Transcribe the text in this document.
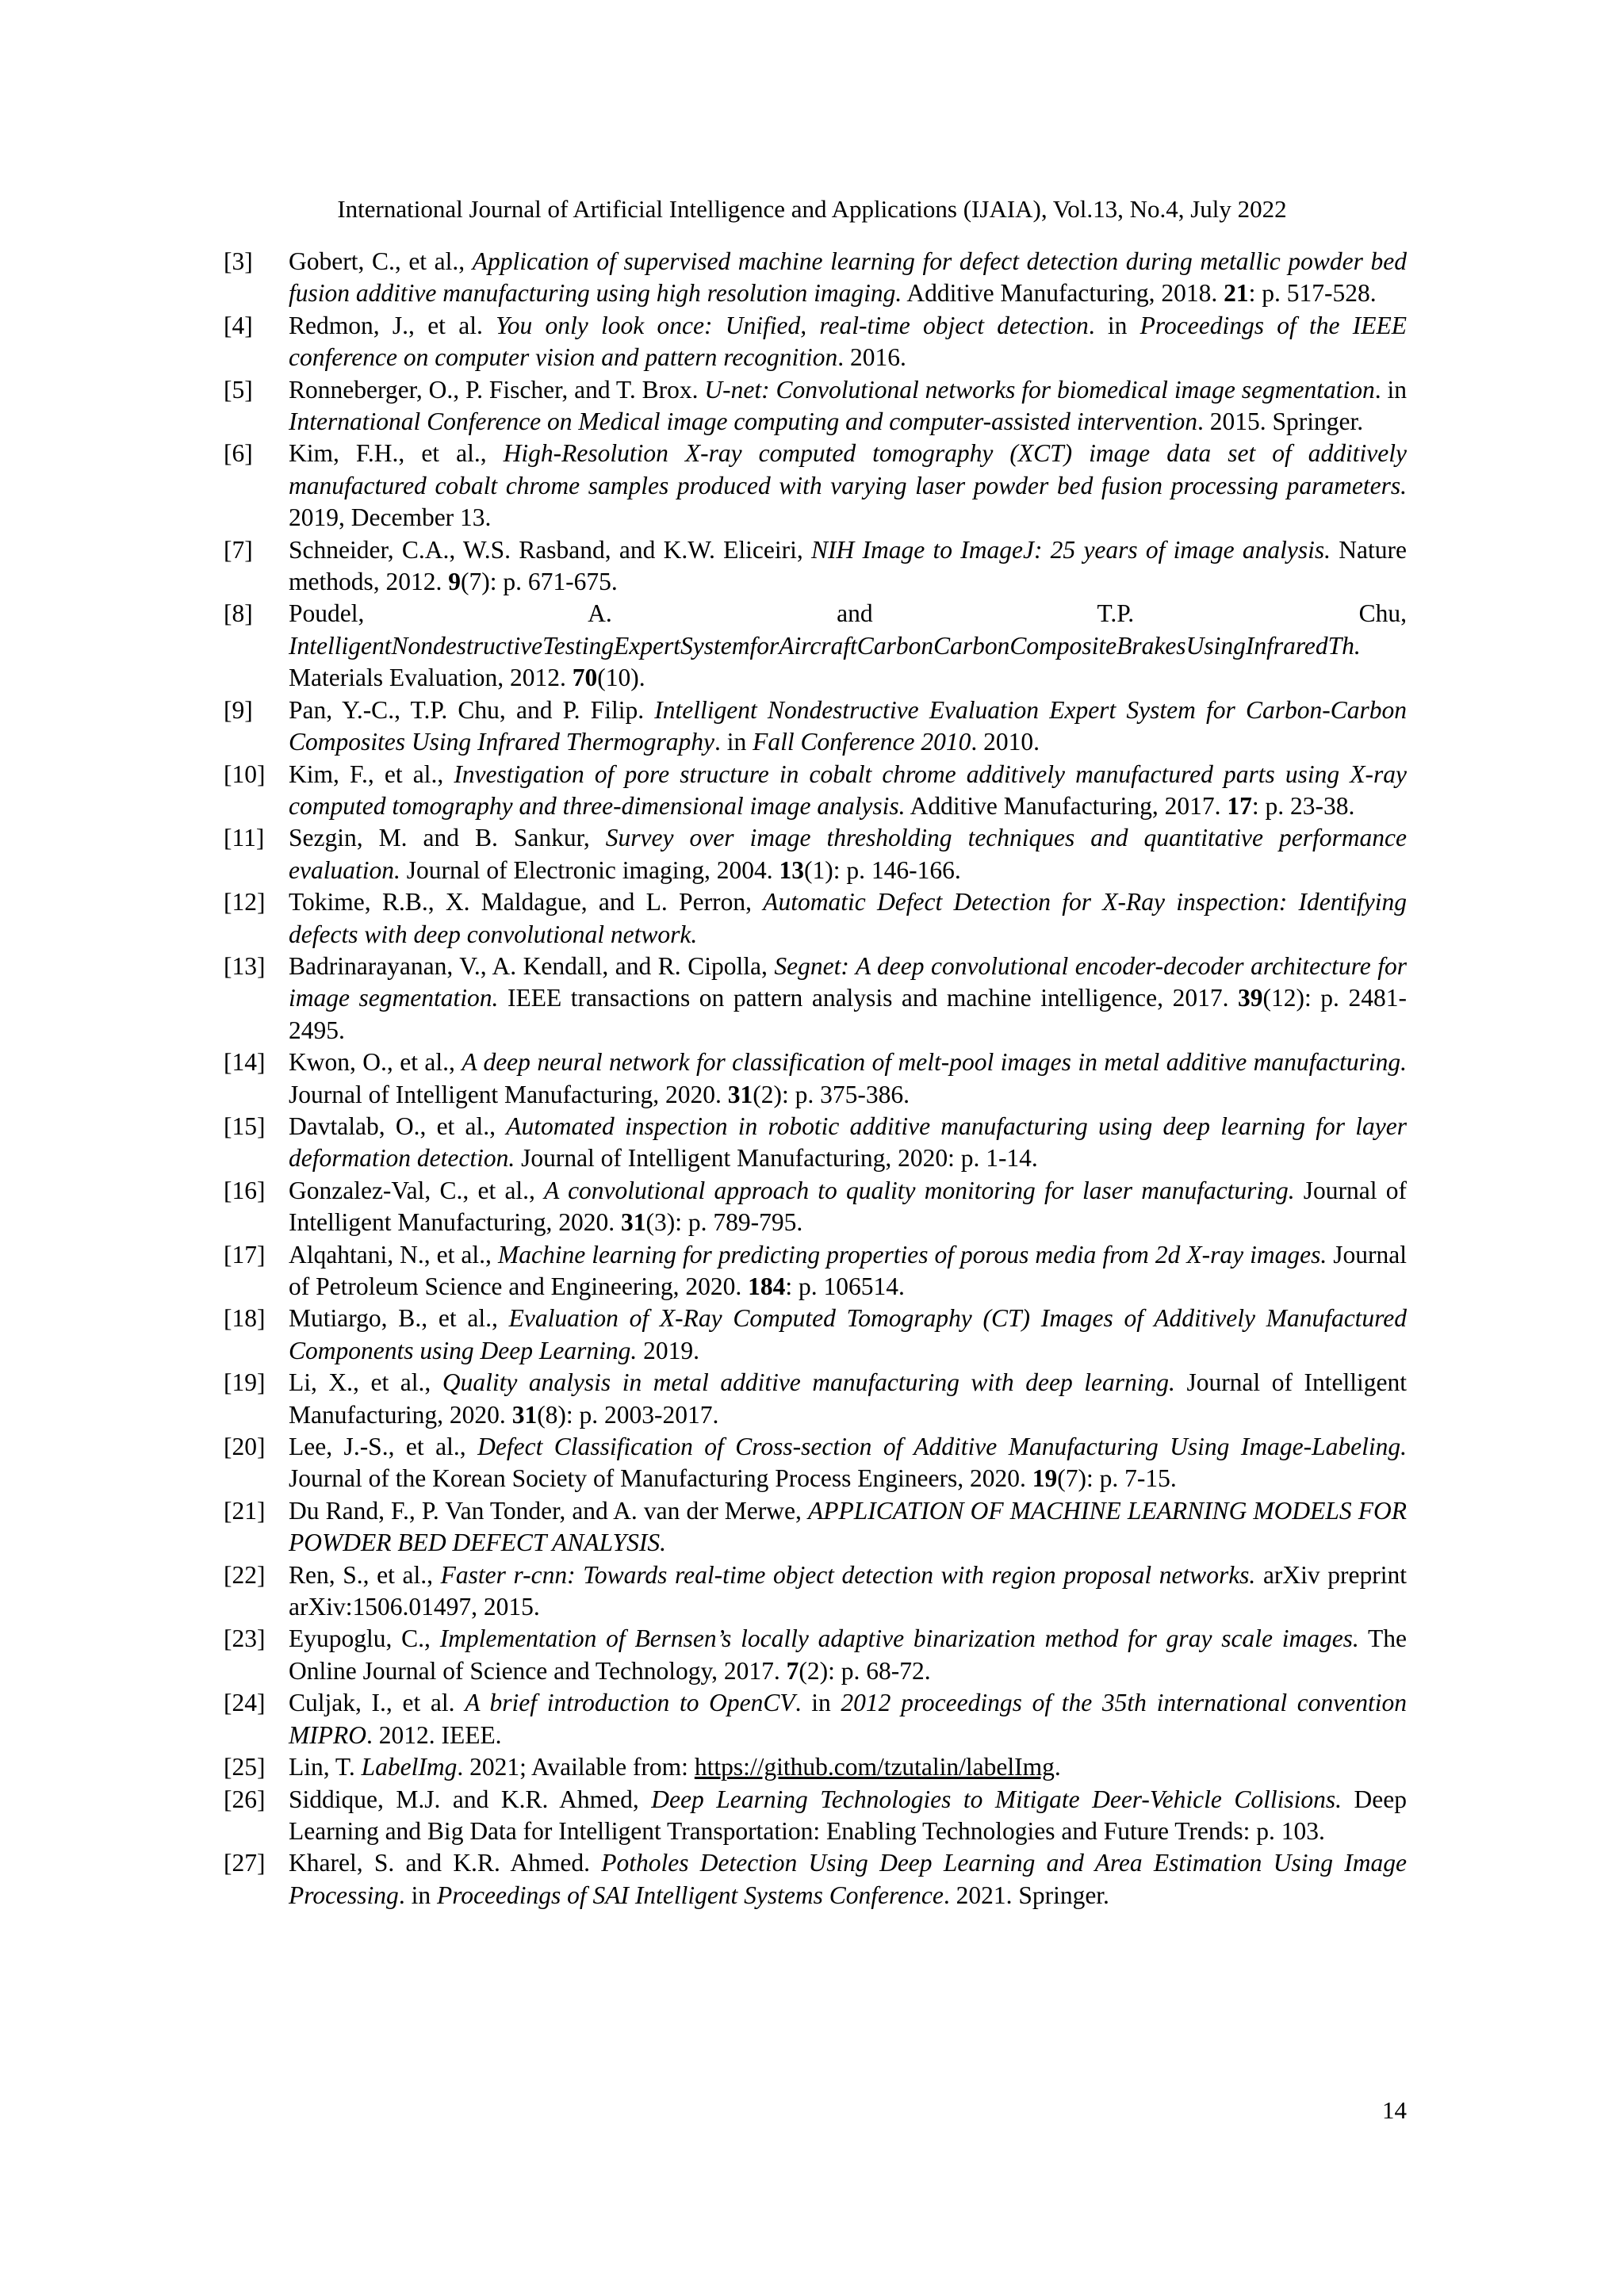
International Journal of Artificial Intelligence and Applications (IJAIA), Vol.13, No.4, July 2022
[3]	Gobert, C., et al., Application of supervised machine learning for defect detection during metallic powder bed fusion additive manufacturing using high resolution imaging. Additive Manufacturing, 2018. 21: p. 517-528.
[4]	Redmon, J., et al. You only look once: Unified, real-time object detection. in Proceedings of the IEEE conference on computer vision and pattern recognition. 2016.
[5]	Ronneberger, O., P. Fischer, and T. Brox. U-net: Convolutional networks for biomedical image segmentation. in International Conference on Medical image computing and computer-assisted intervention. 2015. Springer.
[6]	Kim, F.H., et al., High-Resolution X-ray computed tomography (XCT) image data set of additively manufactured cobalt chrome samples produced with varying laser powder bed fusion processing parameters. 2019, December 13.
[7]	Schneider, C.A., W.S. Rasband, and K.W. Eliceiri, NIH Image to ImageJ: 25 years of image analysis. Nature methods, 2012. 9(7): p. 671-675.
[8]	Poudel, A. and T.P. Chu, IntelligentNondestructiveTestingExpertSystemforAircraftCarbonCarbonCompositeBrakesUsingInfraredTh. Materials Evaluation, 2012. 70(10).
[9]	Pan, Y.-C., T.P. Chu, and P. Filip. Intelligent Nondestructive Evaluation Expert System for Carbon-Carbon Composites Using Infrared Thermography. in Fall Conference 2010. 2010.
[10] Kim, F., et al., Investigation of pore structure in cobalt chrome additively manufactured parts using X-ray computed tomography and three-dimensional image analysis. Additive Manufacturing, 2017. 17: p. 23-38.
[11] Sezgin, M. and B. Sankur, Survey over image thresholding techniques and quantitative performance evaluation. Journal of Electronic imaging, 2004. 13(1): p. 146-166.
[12] Tokime, R.B., X. Maldague, and L. Perron, Automatic Defect Detection for X-Ray inspection: Identifying defects with deep convolutional network.
[13] Badrinarayanan, V., A. Kendall, and R. Cipolla, Segnet: A deep convolutional encoder-decoder architecture for image segmentation. IEEE transactions on pattern analysis and machine intelligence, 2017. 39(12): p. 2481-2495.
[14] Kwon, O., et al., A deep neural network for classification of melt-pool images in metal additive manufacturing. Journal of Intelligent Manufacturing, 2020. 31(2): p. 375-386.
[15] Davtalab, O., et al., Automated inspection in robotic additive manufacturing using deep learning for layer deformation detection. Journal of Intelligent Manufacturing, 2020: p. 1-14.
[16] Gonzalez-Val, C., et al., A convolutional approach to quality monitoring for laser manufacturing. Journal of Intelligent Manufacturing, 2020. 31(3): p. 789-795.
[17] Alqahtani, N., et al., Machine learning for predicting properties of porous media from 2d X-ray images. Journal of Petroleum Science and Engineering, 2020. 184: p. 106514.
[18] Mutiargo, B., et al., Evaluation of X-Ray Computed Tomography (CT) Images of Additively Manufactured Components using Deep Learning. 2019.
[19] Li, X., et al., Quality analysis in metal additive manufacturing with deep learning. Journal of Intelligent Manufacturing, 2020. 31(8): p. 2003-2017.
[20] Lee, J.-S., et al., Defect Classification of Cross-section of Additive Manufacturing Using Image-Labeling. Journal of the Korean Society of Manufacturing Process Engineers, 2020. 19(7): p. 7-15.
[21] Du Rand, F., P. Van Tonder, and A. van der Merwe, APPLICATION OF MACHINE LEARNING MODELS FOR POWDER BED DEFECT ANALYSIS.
[22] Ren, S., et al., Faster r-cnn: Towards real-time object detection with region proposal networks. arXiv preprint arXiv:1506.01497, 2015.
[23] Eyupoglu, C., Implementation of Bernsen’s locally adaptive binarization method for gray scale images. The Online Journal of Science and Technology, 2017. 7(2): p. 68-72.
[24] Culjak, I., et al. A brief introduction to OpenCV. in 2012 proceedings of the 35th international convention MIPRO. 2012. IEEE.
[25] Lin, T. LabelImg. 2021; Available from: https://github.com/tzutalin/labelImg.
[26] Siddique, M.J. and K.R. Ahmed, Deep Learning Technologies to Mitigate Deer-Vehicle Collisions. Deep Learning and Big Data for Intelligent Transportation: Enabling Technologies and Future Trends: p. 103.
[27] Kharel, S. and K.R. Ahmed. Potholes Detection Using Deep Learning and Area Estimation Using Image Processing. in Proceedings of SAI Intelligent Systems Conference. 2021. Springer.
14
